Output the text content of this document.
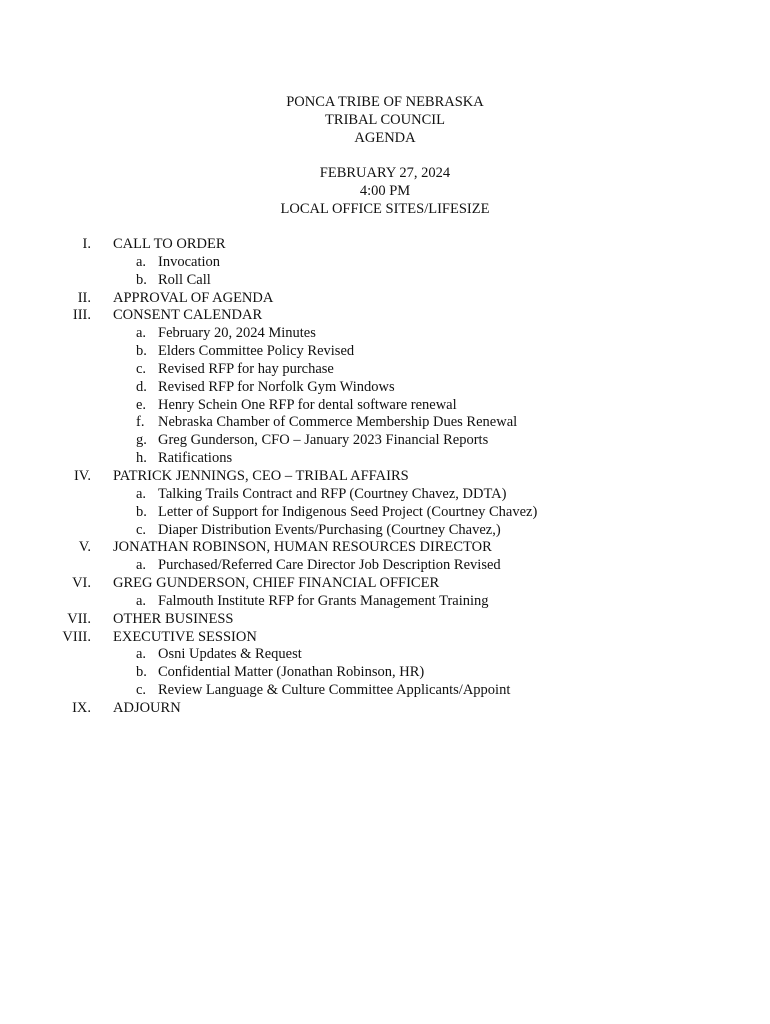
PONCA TRIBE OF NEBRASKA
TRIBAL COUNCIL
AGENDA
FEBRUARY 27, 2024
4:00 PM
LOCAL OFFICE SITES/LIFESIZE
I. CALL TO ORDER
a. Invocation
b. Roll Call
II. APPROVAL OF AGENDA
III. CONSENT CALENDAR
a. February 20, 2024 Minutes
b. Elders Committee Policy Revised
c. Revised RFP for hay purchase
d. Revised RFP for Norfolk Gym Windows
e. Henry Schein One RFP for dental software renewal
f. Nebraska Chamber of Commerce Membership Dues Renewal
g. Greg Gunderson, CFO – January 2023 Financial Reports
h. Ratifications
IV. PATRICK JENNINGS, CEO – TRIBAL AFFAIRS
a. Talking Trails Contract and RFP (Courtney Chavez, DDTA)
b. Letter of Support for Indigenous Seed Project (Courtney Chavez)
c. Diaper Distribution Events/Purchasing (Courtney Chavez,)
V. JONATHAN ROBINSON, HUMAN RESOURCES DIRECTOR
a. Purchased/Referred Care Director Job Description Revised
VI. GREG GUNDERSON, CHIEF FINANCIAL OFFICER
a. Falmouth Institute RFP for Grants Management Training
VII. OTHER BUSINESS
VIII. EXECUTIVE SESSION
a. Osni Updates & Request
b. Confidential Matter (Jonathan Robinson, HR)
c. Review Language & Culture Committee Applicants/Appoint
IX. ADJOURN
